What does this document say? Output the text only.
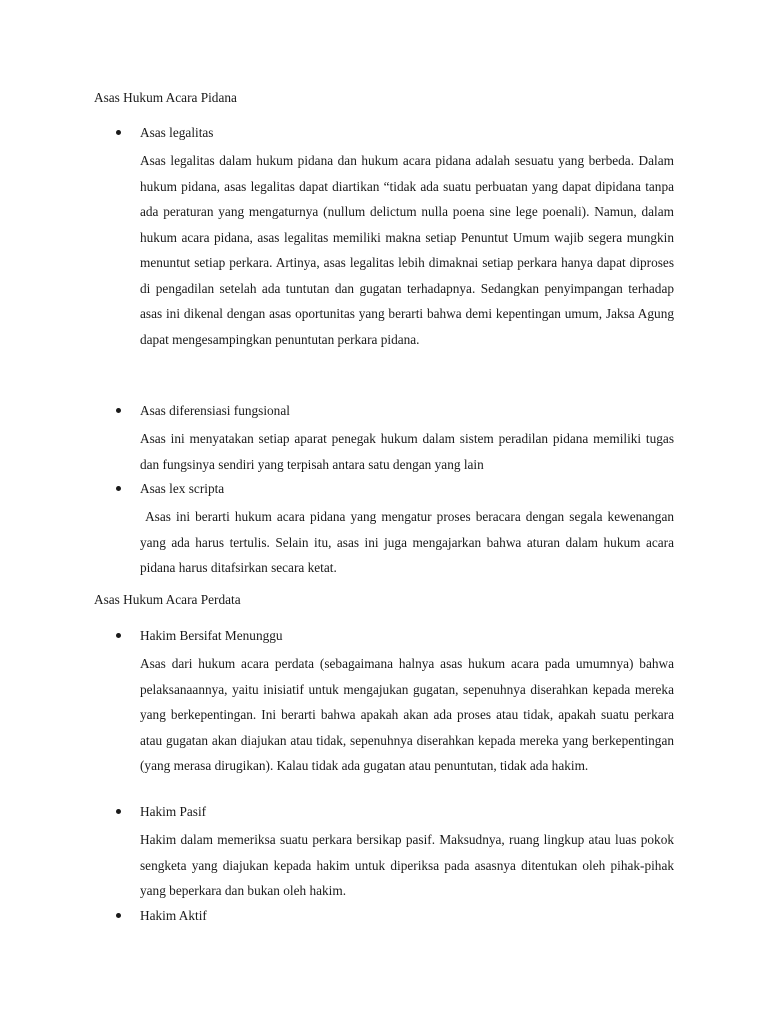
Asas Hukum Acara Pidana
Asas legalitas

Asas legalitas dalam hukum pidana dan hukum acara pidana adalah sesuatu yang berbeda. Dalam hukum pidana, asas legalitas dapat diartikan “tidak ada suatu perbuatan yang dapat dipidana tanpa ada peraturan yang mengaturnya (nullum delictum nulla poena sine lege poenali). Namun, dalam hukum acara pidana, asas legalitas memiliki makna setiap Penuntut Umum wajib segera mungkin menuntut setiap perkara. Artinya, asas legalitas lebih dimaknai setiap perkara hanya dapat diproses di pengadilan setelah ada tuntutan dan gugatan terhadapnya. Sedangkan penyimpangan terhadap asas ini dikenal dengan asas oportunitas yang berarti bahwa demi kepentingan umum, Jaksa Agung dapat mengesampingkan penuntutan perkara pidana.

Asas diferensiasi fungsional

Asas ini menyatakan setiap aparat penegak hukum dalam sistem peradilan pidana memiliki tugas dan fungsinya sendiri yang terpisah antara satu dengan yang lain

Asas lex scripta

Asas ini berarti hukum acara pidana yang mengatur proses beracara dengan segala kewenangan yang ada harus tertulis. Selain itu, asas ini juga mengajarkan bahwa aturan dalam hukum acara pidana harus ditafsirkan secara ketat.

Asas Hukum Acara Perdata
Hakim Bersifat Menunggu

Asas dari hukum acara perdata (sebagaimana halnya asas hukum acara pada umumnya) bahwa pelaksanaannya, yaitu inisiatif untuk mengajukan gugatan, sepenuhnya diserahkan kepada mereka yang berkepentingan. Ini berarti bahwa apakah akan ada proses atau tidak, apakah suatu perkara atau gugatan akan diajukan atau tidak, sepenuhnya diserahkan kepada mereka yang berkepentingan (yang merasa dirugikan). Kalau tidak ada gugatan atau penuntutan, tidak ada hakim.

Hakim Pasif

Hakim dalam memeriksa suatu perkara bersikap pasif. Maksudnya, ruang lingkup atau luas pokok sengketa yang diajukan kepada hakim untuk diperiksa pada asasnya ditentukan oleh pihak-pihak yang beperkara dan bukan oleh hakim.

Hakim Aktif
